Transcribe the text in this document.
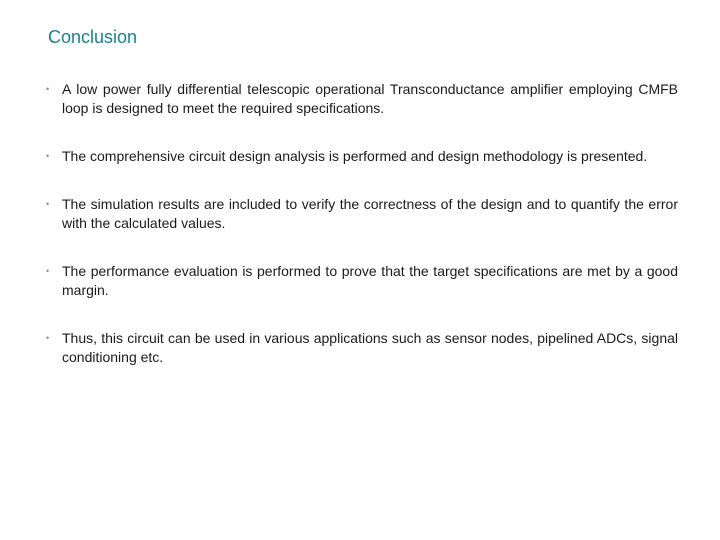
Conclusion
• A low power fully differential telescopic operational Transconductance amplifier employing CMFB loop is designed to meet the required specifications.
• The comprehensive circuit design analysis is performed and design methodology is presented.
• The simulation results are included to verify the correctness of the design and to quantify the error with the calculated values.
• The performance evaluation is performed to prove that the target specifications are met by a good margin.
• Thus, this circuit can be used in various applications such as sensor nodes, pipelined ADCs, signal conditioning etc.
